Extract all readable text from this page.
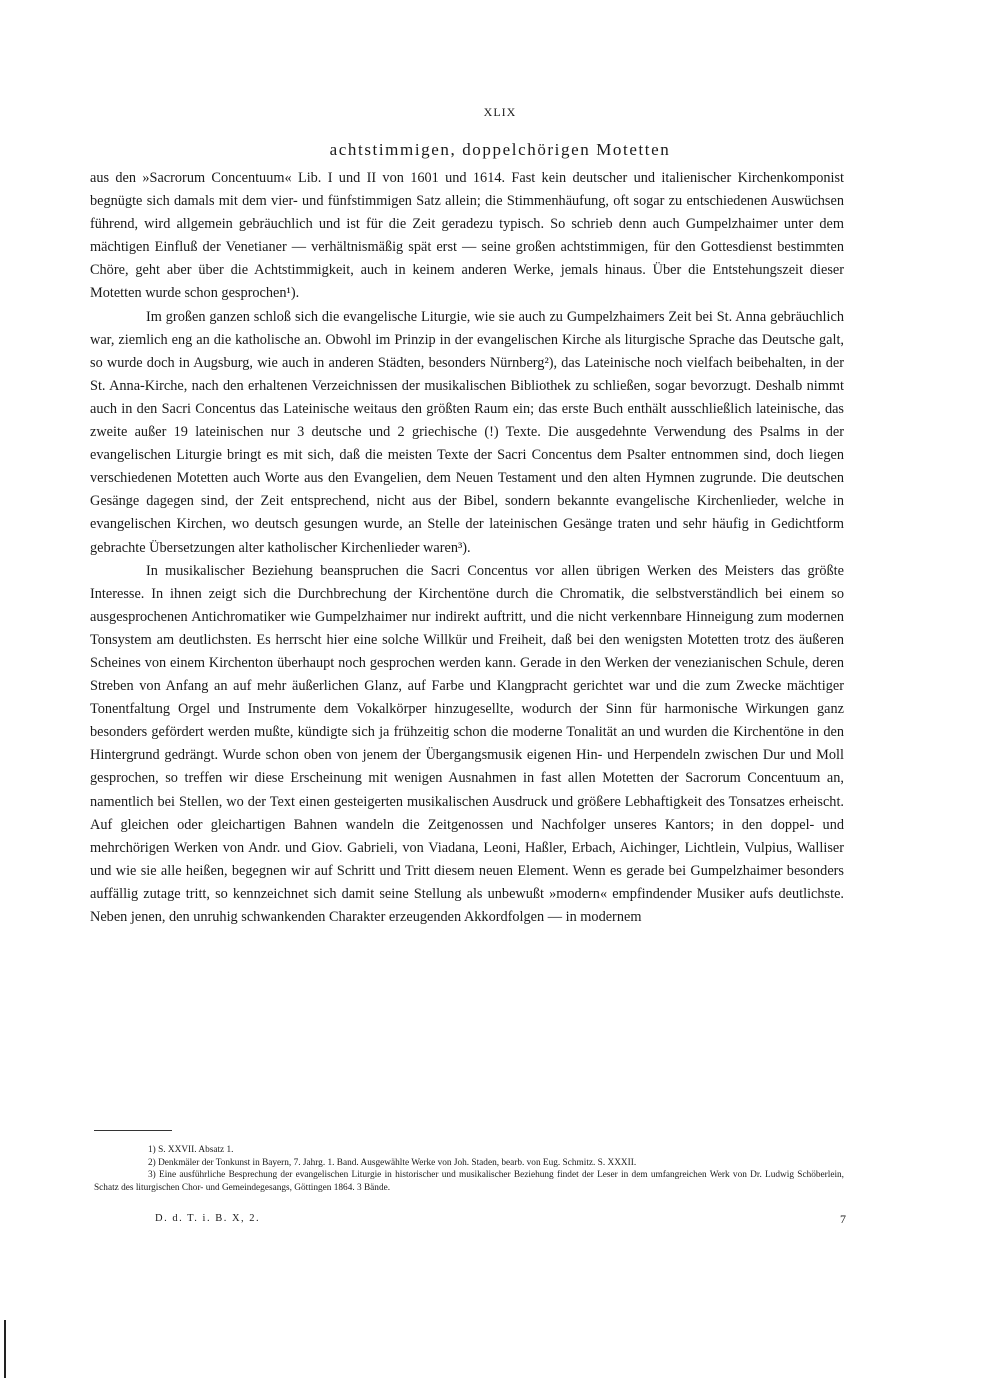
XLIX
achtstimmigen, doppelchörigen Motetten

aus den »Sacrorum Concentuum« Lib. I und II von 1601 und 1614. Fast kein deutscher und italienischer Kirchenkomponist begnügte sich damals mit dem vier- und fünfstimmigen Satz allein; die Stimmenhäufung, oft sogar zu entschiedenen Auswüchsen führend, wird allgemein gebräuchlich und ist für die Zeit geradezu typisch. So schrieb denn auch Gumpelzhaimer unter dem mächtigen Einfluß der Venetianer — verhältnismäßig spät erst — seine großen achtstimmigen, für den Gottesdienst bestimmten Chöre, geht aber über die Achtstimmigkeit, auch in keinem anderen Werke, jemals hinaus. Über die Entstehungszeit dieser Motetten wurde schon gesprochen¹).

Im großen ganzen schloß sich die evangelische Liturgie, wie sie auch zu Gumpelzhaimers Zeit bei St. Anna gebräuchlich war, ziemlich eng an die katholische an. Obwohl im Prinzip in der evangelischen Kirche als liturgische Sprache das Deutsche galt, so wurde doch in Augsburg, wie auch in anderen Städten, besonders Nürnberg²), das Lateinische noch vielfach beibehalten, in der St. Anna-Kirche, nach den erhaltenen Verzeichnissen der musikalischen Bibliothek zu schließen, sogar bevorzugt. Deshalb nimmt auch in den Sacri Concentus das Lateinische weitaus den größten Raum ein; das erste Buch enthält ausschließlich lateinische, das zweite außer 19 lateinischen nur 3 deutsche und 2 griechische (!) Texte. Die ausgedehnte Verwendung des Psalms in der evangelischen Liturgie bringt es mit sich, daß die meisten Texte der Sacri Concentus dem Psalter entnommen sind, doch liegen verschiedenen Motetten auch Worte aus den Evangelien, dem Neuen Testament und den alten Hymnen zugrunde. Die deutschen Gesänge dagegen sind, der Zeit entsprechend, nicht aus der Bibel, sondern bekannte evangelische Kirchenlieder, welche in evangelischen Kirchen, wo deutsch gesungen wurde, an Stelle der lateinischen Gesänge traten und sehr häufig in Gedichtform gebrachte Übersetzungen alter katholischer Kirchenlieder waren³).

In musikalischer Beziehung beanspruchen die Sacri Concentus vor allen übrigen Werken des Meisters das größte Interesse. In ihnen zeigt sich die Durchbrechung der Kirchentöne durch die Chromatik, die selbstverständlich bei einem so ausgesprochenen Antichromatiker wie Gumpelzhaimer nur indirekt auftritt, und die nicht verkennbare Hinneigung zum modernen Tonsystem am deutlichsten. Es herrscht hier eine solche Willkür und Freiheit, daß bei den wenigsten Motetten trotz des äußeren Scheines von einem Kirchenton überhaupt noch gesprochen werden kann. Gerade in den Werken der venezianischen Schule, deren Streben von Anfang an auf mehr äußerlichen Glanz, auf Farbe und Klangpracht gerichtet war und die zum Zwecke mächtiger Tonentfaltung Orgel und Instrumente dem Vokalkörper hinzugesellte, wodurch der Sinn für harmonische Wirkungen ganz besonders gefördert werden mußte, kündigte sich ja frühzeitig schon die moderne Tonalität an und wurden die Kirchentöne in den Hintergrund gedrängt. Wurde schon oben von jenem der Übergangsmusik eigenen Hin- und Herpendeln zwischen Dur und Moll gesprochen, so treffen wir diese Erscheinung mit wenigen Ausnahmen in fast allen Motetten der Sacrorum Concentuum an, namentlich bei Stellen, wo der Text einen gesteigerten musikalischen Ausdruck und größere Lebhaftigkeit des Tonsatzes erheischt. Auf gleichen oder gleichartigen Bahnen wandeln die Zeitgenossen und Nachfolger unseres Kantors; in den doppel- und mehrchörigen Werken von Andr. und Giov. Gabrieli, von Viadana, Leoni, Haßler, Erbach, Aichinger, Lichtlein, Vulpius, Walliser und wie sie alle heißen, begegnen wir auf Schritt und Tritt diesem neuen Element. Wenn es gerade bei Gumpelzhaimer besonders auffällig zutage tritt, so kennzeichnet sich damit seine Stellung als unbewußt »modern« empfindender Musiker aufs deutlichste. Neben jenen, den unruhig schwankenden Charakter erzeugenden Akkordfolgen — in modernem

1) S. XXVII. Absatz 1.

2) Denkmäler der Tonkunst in Bayern, 7. Jahrg. 1. Band. Ausgewählte Werke von Joh. Staden, bearb. von Eug. Schmitz. S. XXXII.

3) Eine ausführliche Besprechung der evangelischen Liturgie in historischer und musikalischer Beziehung findet der Leser in dem umfangreichen Werk von Dr. Ludwig Schöberlein, Schatz des liturgischen Chor- und Gemeindegesangs, Göttingen 1864. 3 Bände.

D. d. T. i. B. X, 2.	7
